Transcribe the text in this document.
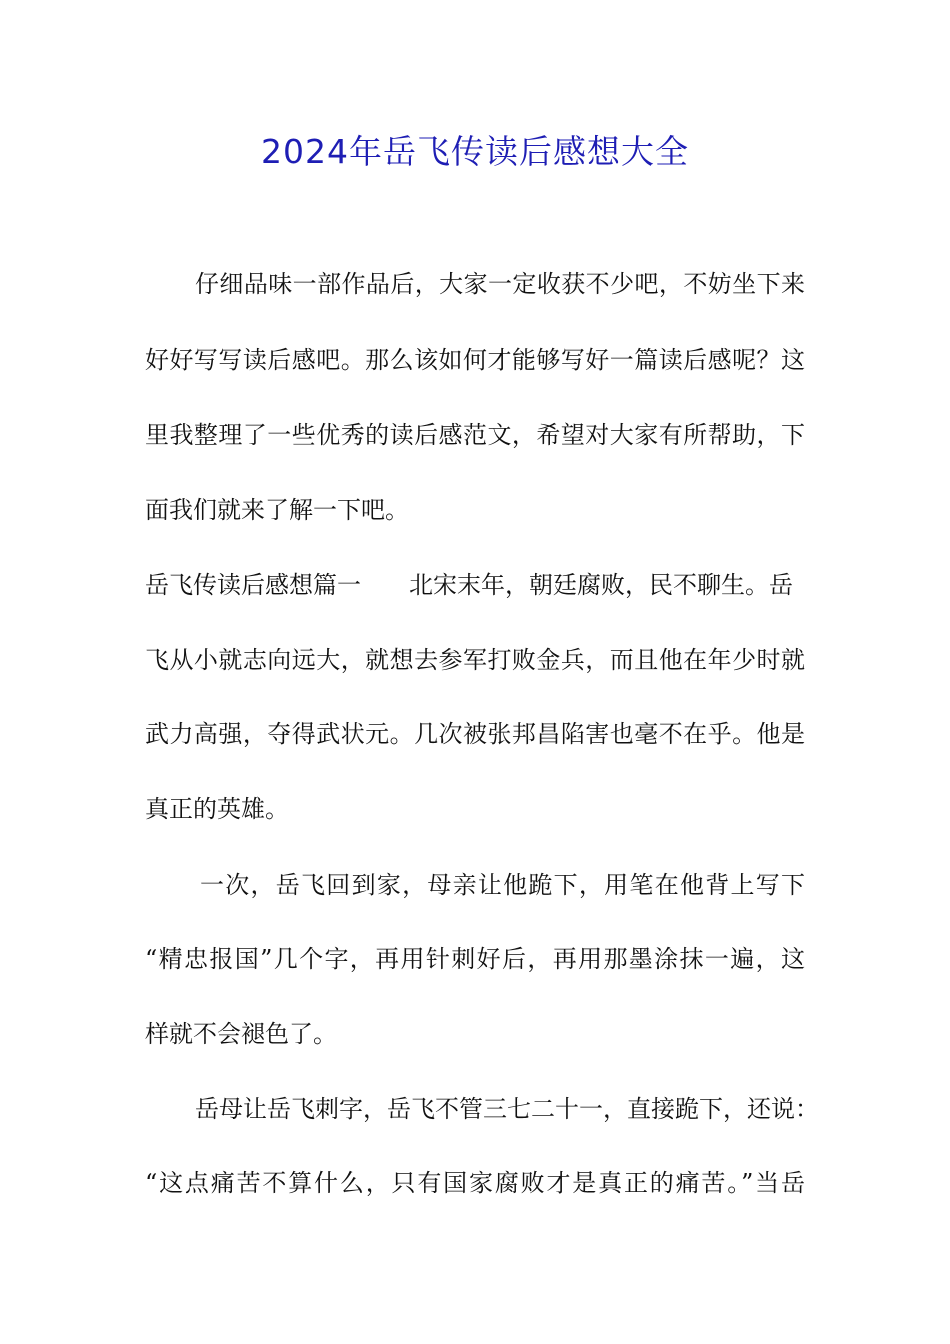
2024年岳飞传读后感想大全
仔细品味一部作品后，大家一定收获不少吧，不妨坐下来
好好写写读后感吧。那么该如何才能够写好一篇读后感呢？这
里我整理了一些优秀的读后感范文，希望对大家有所帮助，下
面我们就来了解一下吧。
岳飞传读后感想篇一 北宋末年，朝廷腐败，民不聊生。岳
飞从小就志向远大，就想去参军打败金兵，而且他在年少时就
武力高强，夺得武状元。几次被张邦昌陷害也毫不在乎。他是
真正的英雄。
一次，岳飞回到家，母亲让他跪下，用笔在他背上写下
“精忠报国”几个字，再用针刺好后，再用那墨涂抹一遍，这
样就不会褪色了。
岳母让岳飞刺字，岳飞不管三七二十一，直接跪下，还说：
“这点痛苦不算什么，只有国家腐败才是真正的痛苦。”当岳
